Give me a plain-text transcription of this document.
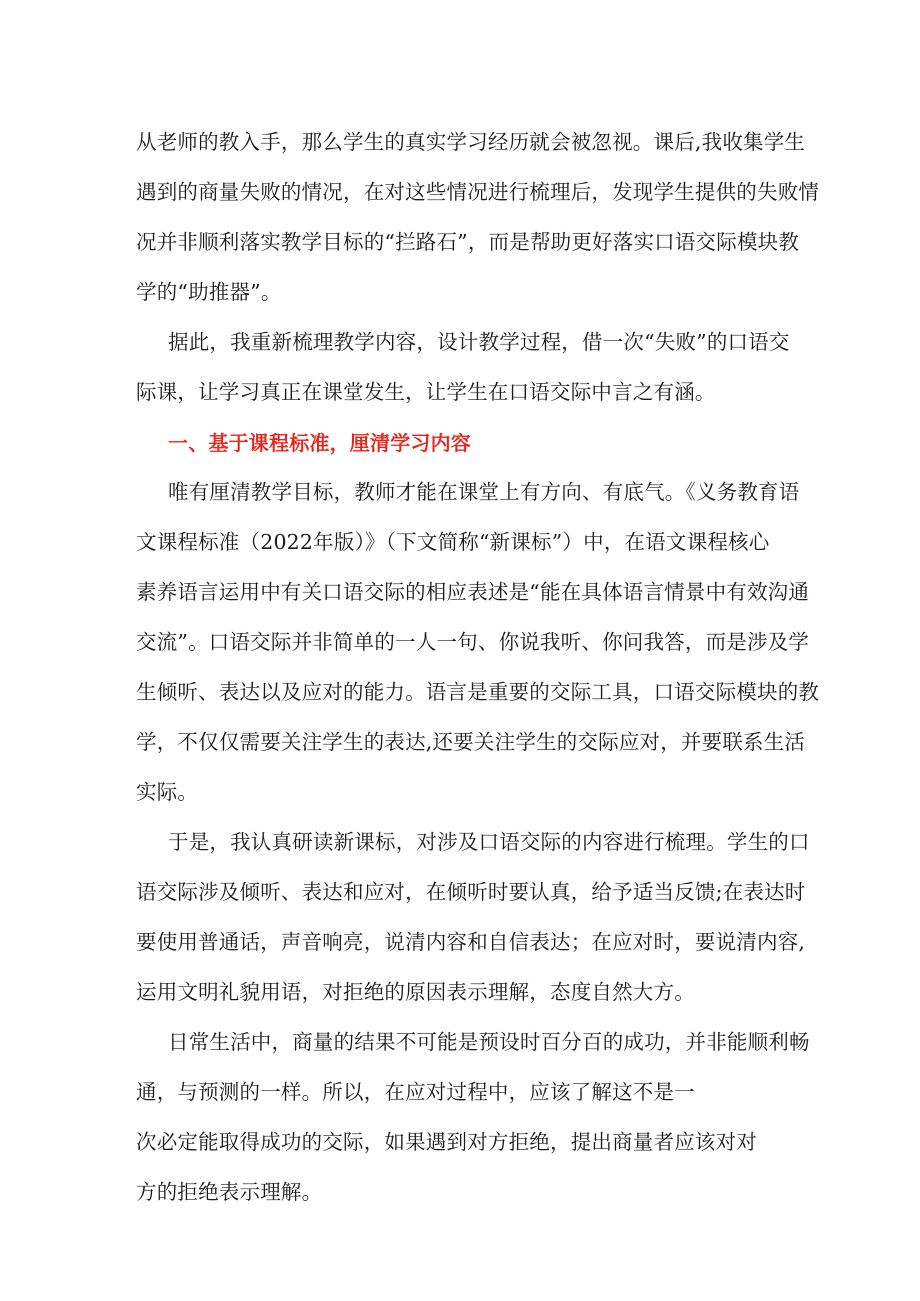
从老师的教入手，那么学生的真实学习经历就会被忽视。课后,我收集学生
遇到的商量失败的情况，在对这些情况进行梳理后，发现学生提供的失败情
况并非顺利落实教学目标的“拦路石”，而是帮助更好落实口语交际模块教
学的“助推器”。
据此，我重新梳理教学内容，设计教学过程，借一次“失败”的口语交
际课，让学习真正在课堂发生，让学生在口语交际中言之有涵。
一、基于课程标准，厘清学习内容
唯有厘清教学目标，教师才能在课堂上有方向、有底气。《义务教育语
文课程标准（2022年版）》（下文简称“新课标”）中，在语文课程核心
素养语言运用中有关口语交际的相应表述是“能在具体语言情景中有效沟通
交流”。口语交际并非简单的一人一句、你说我听、你问我答，而是涉及学
生倾听、表达以及应对的能力。语言是重要的交际工具，口语交际模块的教
学，不仅仅需要关注学生的表达,还要关注学生的交际应对，并要联系生活
实际。
于是，我认真研读新课标，对涉及口语交际的内容进行梳理。学生的口
语交际涉及倾听、表达和应对，在倾听时要认真，给予适当反馈;在表达时
要使用普通话，声音响亮，说清内容和自信表达；在应对时，要说清内容,
运用文明礼貌用语，对拒绝的原因表示理解，态度自然大方。
日常生活中，商量的结果不可能是预设时百分百的成功，并非能顺利畅
通，与预测的一样。所以，在应对过程中，应该了解这不是一
次必定能取得成功的交际，如果遇到对方拒绝，提出商量者应该对对
方的拒绝表示理解。
